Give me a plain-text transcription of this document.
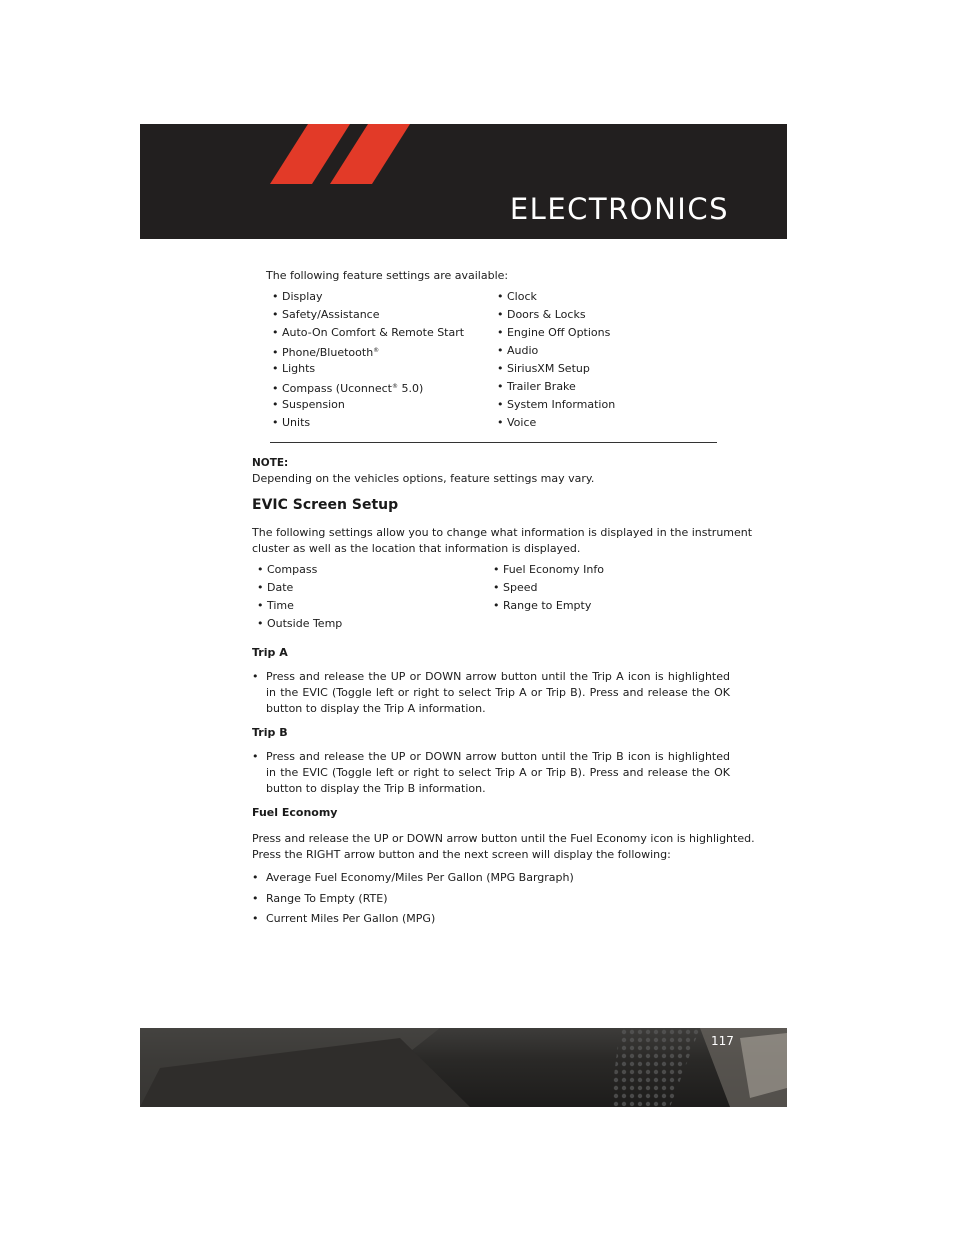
ELECTRONICS
The following feature settings are available:
• Display
• Safety/Assistance
• Auto-On Comfort & Remote Start
• Phone/Bluetooth®
• Lights
• Compass (Uconnect® 5.0)
• Suspension
• Units
• Clock
• Doors & Locks
• Engine Off Options
• Audio
• SiriusXM Setup
• Trailer Brake
• System Information
• Voice
NOTE:
Depending on the vehicles options, feature settings may vary.
EVIC Screen Setup
The following settings allow you to change what information is displayed in the instrument
cluster as well as the location that information is displayed.
• Compass
• Date
• Time
• Outside Temp
• Fuel Economy Info
• Speed
• Range to Empty
Trip A
• Press and release the UP or DOWN arrow button until the Trip A icon is highlighted in the EVIC (Toggle left or right to select Trip A or Trip B). Press and release the OK button to display the Trip A information.
Trip B
• Press and release the UP or DOWN arrow button until the Trip B icon is highlighted in the EVIC (Toggle left or right to select Trip A or Trip B). Press and release the OK button to display the Trip B information.
Fuel Economy
Press and release the UP or DOWN arrow button until the Fuel Economy icon is highlighted.
Press the RIGHT arrow button and the next screen will display the following:
• Average Fuel Economy/Miles Per Gallon (MPG Bargraph)
• Range To Empty (RTE)
• Current Miles Per Gallon (MPG)
117
